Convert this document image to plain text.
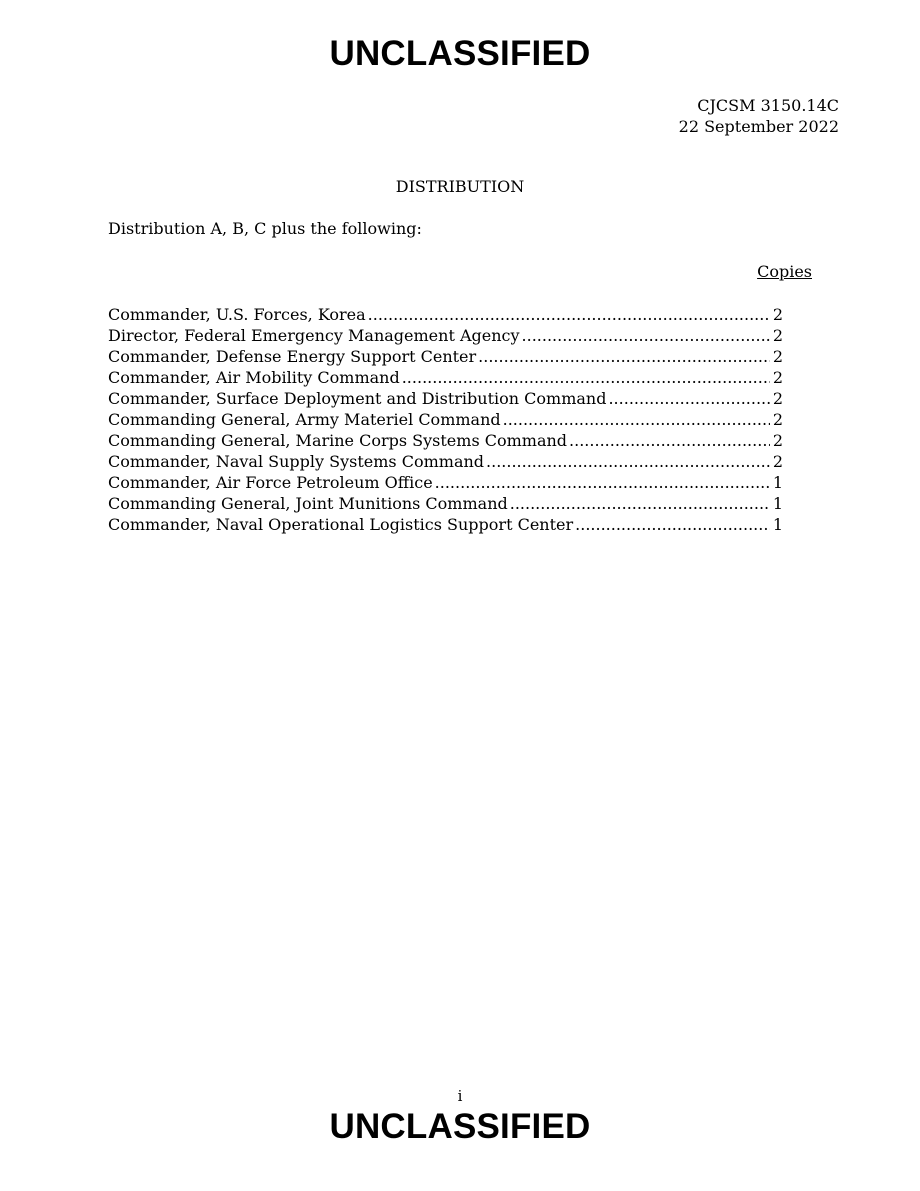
UNCLASSIFIED
CJCSM 3150.14C
22 September 2022
DISTRIBUTION
Distribution A, B, C plus the following:
Copies
Commander, U.S. Forces, Korea .....	2
Director, Federal Emergency Management Agency .....	2
Commander, Defense Energy Support Center .....	2
Commander, Air Mobility Command .....	2
Commander, Surface Deployment and Distribution Command .....	2
Commanding General, Army Materiel Command .....	2
Commanding General, Marine Corps Systems Command .....	2
Commander, Naval Supply Systems Command .....	2
Commander, Air Force Petroleum Office .....	1
Commanding General, Joint Munitions Command .....	1
Commander, Naval Operational Logistics Support Center .....	1
i
UNCLASSIFIED
